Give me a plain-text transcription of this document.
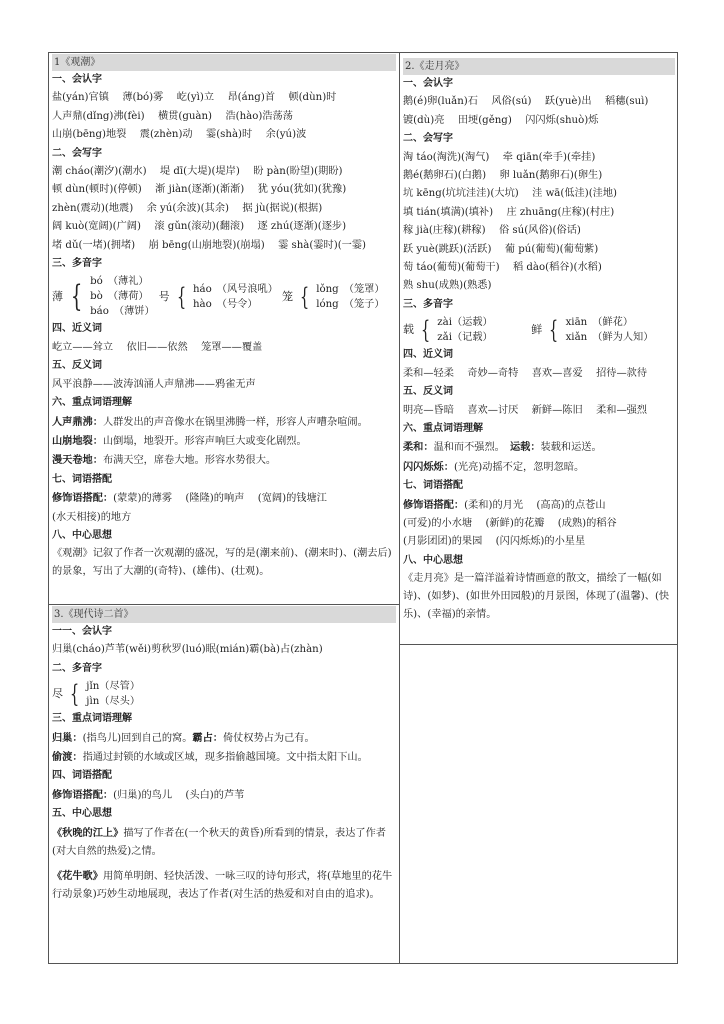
1《观潮》
一、会认字
盐(yán)官镇　 薄(bó)雾　 屹(yì)立　 昂(áng)首　 顿(dùn)时
人声鼎(dǐng)沸(fèi)　 横贯(guàn)　 浩(hào)浩荡荡
山崩(bēng)地裂　 震(zhèn)动　 霎(shà)时　 余(yú)波
二、会写字
潮 cháo(潮汐)(潮水)　 堤 dī(大堤)(堤岸)　 盼 pàn(盼望)(期盼)
顿 dùn(顿时)(停顿)　 渐 jiàn(逐渐)(渐渐)　 犹 yóu(犹如)(犹豫)
zhèn(震动)(地震)　 余 yú(余波)(其余)　 据 jù(据说)(根据)
阔 kuò(宽阔)(广阔)　 滚 gǔn(滚动)(翻滚)　 逐 zhú(逐渐)(逐步)
堵 dǔ(一堵)(拥堵)　 崩 bēng(山崩地裂)(崩塌)　 霎 shà(霎时)(一霎)
三、多音字
薄 { bó　（薄礼）
bò　（薄荷）
báo　（薄饼）
号 { háo　（风号浪吼）
hào　（号令）
笼 { lǒng　（笼罩）
lóng　（笼子）
四、近义词
屹立——耸立　 依旧——依然　 笼罩——覆盖
五、反义词
风平浪静——波涛汹涌人声鼎沸——鸦雀无声
六、重点词语理解
人声鼎沸：人群发出的声音像水在锅里沸腾一样，形容人声嘈杂喧闹。
山崩地裂：山倒塌，地裂开。形容声响巨大或变化剧烈。
漫天卷地：布满天空，席卷大地。形容水势很大。
七、词语搭配
修饰语搭配：(蒙蒙)的薄雾　 (隆隆)的响声　 (宽阔)的钱塘江
(水天相接)的地方
八、中心思想
《观潮》记叙了作者一次观潮的盛况，写的是(潮来前)、(潮来时)、(潮去后)的景象，写出了大潮的(奇特)、(雄伟)、(壮观)。
2.《走月亮》
一、会认字
鹅(é)卵(luǎn)石　 风俗(sú)　 跃(yuè)出　 稻穗(suì)
镀(dù)亮　 田埂(gěng)　 闪闪烁(shuò)烁
二、会写字
淘 táo(淘洗)(淘气)　 牵 qiān(牵手)(牵挂)
鹅é(鹅卵石)(白鹅)　 卵 luǎn(鹅卵石)(卵生)
坑 kēng(坑坑洼洼)(大坑)　 洼 wā(低洼)(洼地)
填 tián(填满)(填补)　 庄 zhuāng(庄稼)(村庄)
稼 jià(庄稼)(耕稼)　 俗 sú(风俗)(俗话)
跃 yuè(跳跃)(活跃)　 葡 pú(葡萄)(葡萄紫)
萄 táo(葡萄)(葡萄干)　 稻 dào(稻谷)(水稻)
熟 shu(成熟)(熟悉)
三、多音字
载 { zài（运载）
zǎi（记载）
鲜 { xiān　（鲜花）
xiǎn　（鲜为人知）
四、近义词
柔和—轻柔　 奇妙—奇特　 喜欢—喜爱　 招待—款待
五、反义词
明亮—昏暗　 喜欢—讨厌　 新鲜—陈旧　 柔和—强烈
六、重点词语理解
柔和：温和而不强烈。　 运载：装载和运送。
闪闪烁烁：(光亮)动摇不定，忽明忽暗。
七、词语搭配
修饰语搭配：(柔和)的月光　 (高高)的点苍山
(可爱)的小水塘　 (新鲜)的花瓣　 (成熟)的稻谷
(月影团团)的果园　 (闪闪烁烁)的小星星
八、中心思想
《走月亮》是一篇洋溢着诗情画意的散文，描绘了一幅(如诗)、(如梦)、(如世外田园般)的月景图，体现了(温馨)、(快乐)、(幸福)的亲情。
3.《现代诗二首》
一一、会认字
归巢(cháo)芦苇(wěi)剪秋罗(luó)眠(mián)霸(bà)占(zhàn)
二、多音字
尽 { jǐn（尽管）
jìn（尽头）
三、重点词语理解
归巢：(指鸟儿)回到自己的窝。霸占：倚仗权势占为己有。
偷渡：指通过封锁的水域或区域，现多指偷越国境。文中指太阳下山。
四、词语搭配
修饰语搭配：(归巢)的鸟儿　 (头白)的芦苇
五、中心思想
《秋晚的江上》描写了作者在(一个秋天的黄昏)所看到的情景，表达了作者(对大自然的热爱)之情。
《花牛歌》用简单明朗、轻快活泼、一咏三叹的诗句形式，将(草地里的花牛行动景象)巧妙生动地展现，表达了作者(对生活的热爱和对自由的追求)。
